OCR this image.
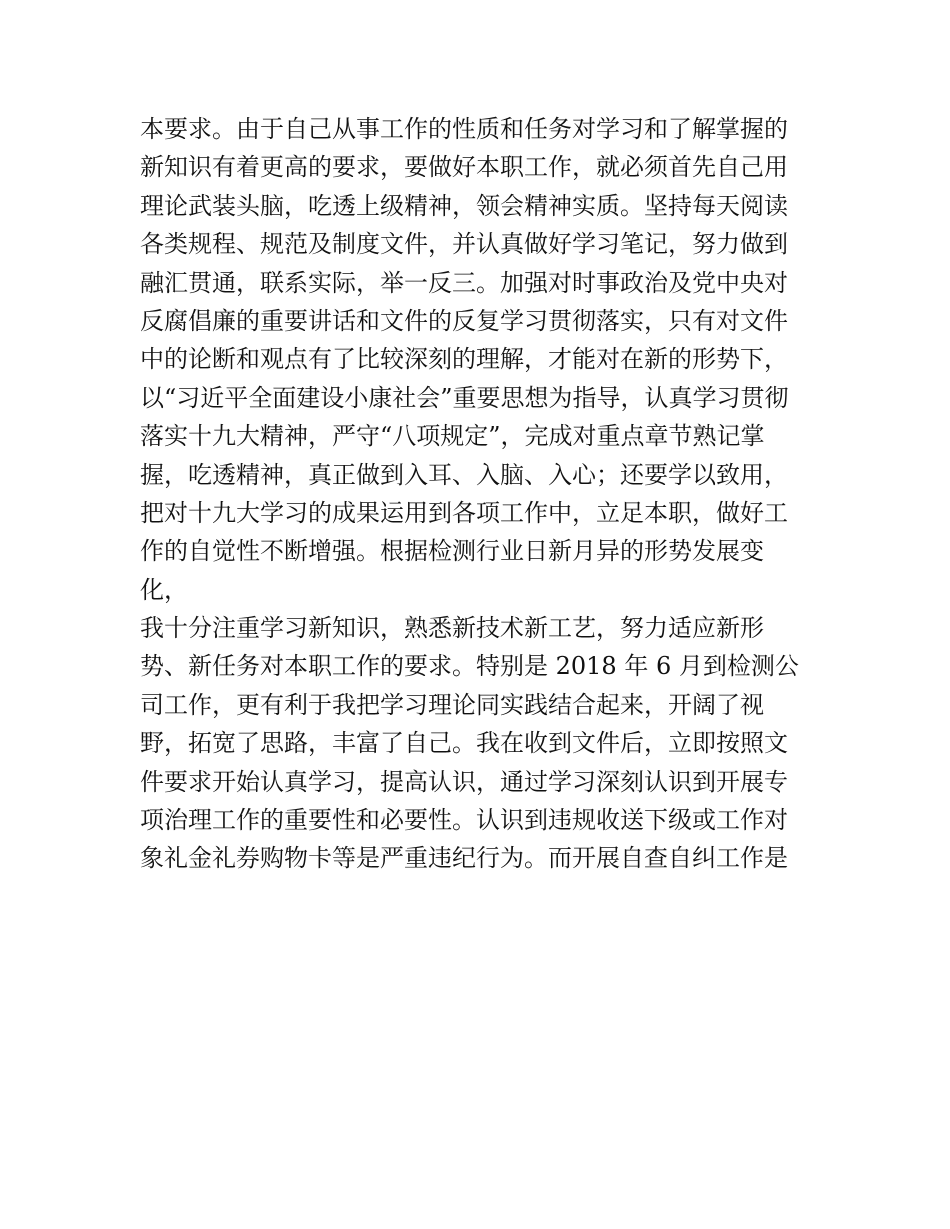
本要求。由于自己从事工作的性质和任务对学习和了解掌握的
新知识有着更高的要求，要做好本职工作，就必须首先自己用
理论武装头脑，吃透上级精神，领会精神实质。坚持每天阅读
各类规程、规范及制度文件，并认真做好学习笔记，努力做到
融汇贯通，联系实际，举一反三。加强对时事政治及党中央对
反腐倡廉的重要讲话和文件的反复学习贯彻落实，只有对文件
中的论断和观点有了比较深刻的理解，才能对在新的形势下，
以“习近平全面建设小康社会”重要思想为指导，认真学习贯彻
落实十九大精神，严守“八项规定”，完成对重点章节熟记掌
握，吃透精神，真正做到入耳、入脑、入心；还要学以致用，
把对十九大学习的成果运用到各项工作中，立足本职，做好工
作的自觉性不断增强。根据检测行业日新月异的形势发展变
化，
我十分注重学习新知识，熟悉新技术新工艺，努力适应新形
势、新任务对本职工作的要求。特别是 2018 年 6 月到检测公
司工作，更有利于我把学习理论同实践结合起来，开阔了视
野，拓宽了思路，丰富了自己。我在收到文件后，立即按照文
件要求开始认真学习，提高认识，通过学习深刻认识到开展专
项治理工作的重要性和必要性。认识到违规收送下级或工作对
象礼金礼券购物卡等是严重违纪行为。而开展自查自纠工作是
